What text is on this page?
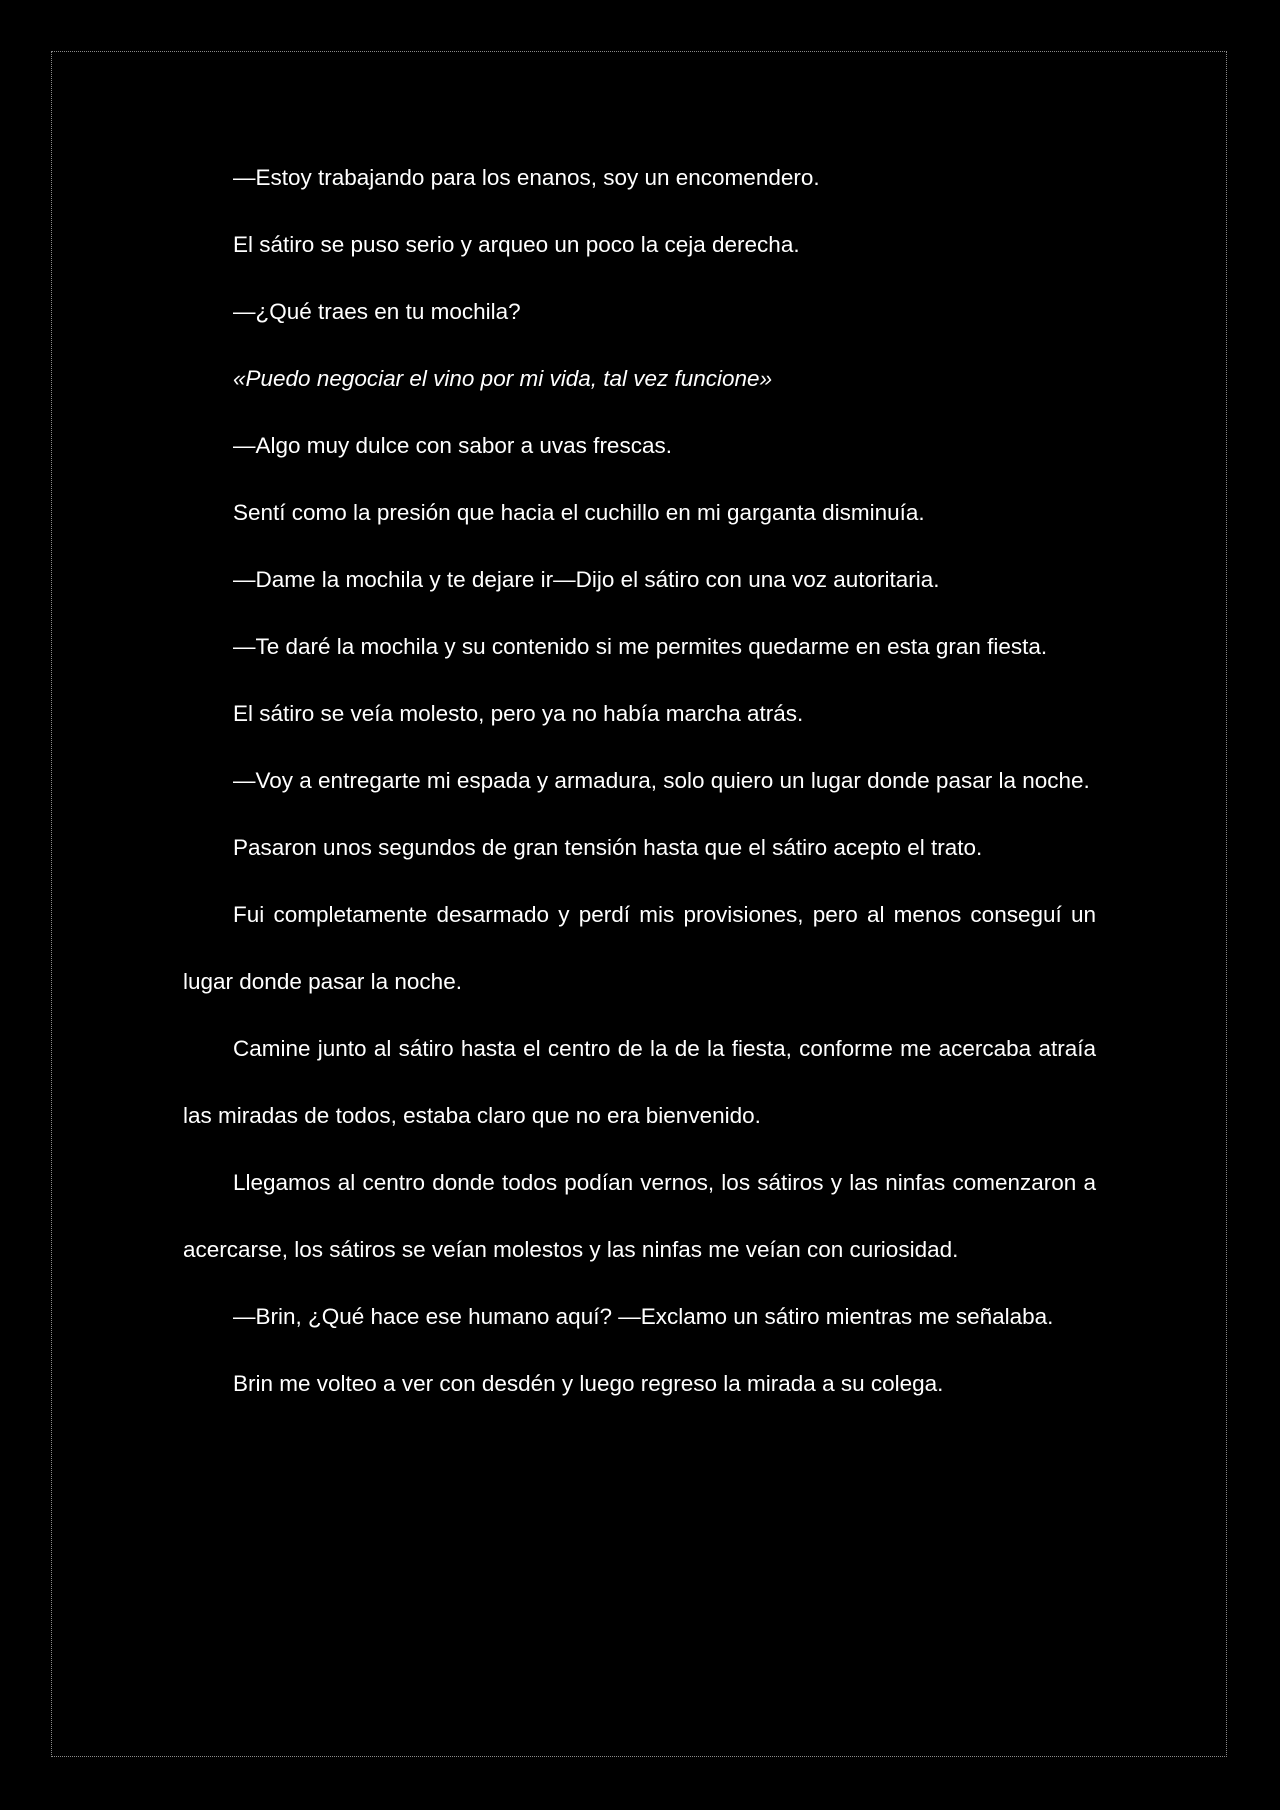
—Estoy trabajando para los enanos, soy un encomendero.

El sátiro se puso serio y arqueo un poco la ceja derecha.

—¿Qué traes en tu mochila?

«Puedo negociar el vino por mi vida, tal vez funcione»

—Algo muy dulce con sabor a uvas frescas.

Sentí como la presión que hacia el cuchillo en mi garganta disminuía.

—Dame la mochila y te dejare ir—Dijo el sátiro con una voz autoritaria.

—Te daré la mochila y su contenido si me permites quedarme en esta gran fiesta.

El sátiro se veía molesto, pero ya no había marcha atrás.

—Voy a entregarte mi espada y armadura, solo quiero un lugar donde pasar la noche.

Pasaron unos segundos de gran tensión hasta que el sátiro acepto el trato.

Fui completamente desarmado y perdí mis provisiones, pero al menos conseguí un lugar donde pasar la noche.

Camine junto al sátiro hasta el centro de la de la fiesta, conforme me acercaba atraía las miradas de todos, estaba claro que no era bienvenido.

Llegamos al centro donde todos podían vernos, los sátiros y las ninfas comenzaron a acercarse, los sátiros se veían molestos y las ninfas me veían con curiosidad.

—Brin, ¿Qué hace ese humano aquí? —Exclamo un sátiro mientras me señalaba.

Brin me volteo a ver con desdén y luego regreso la mirada a su colega.
